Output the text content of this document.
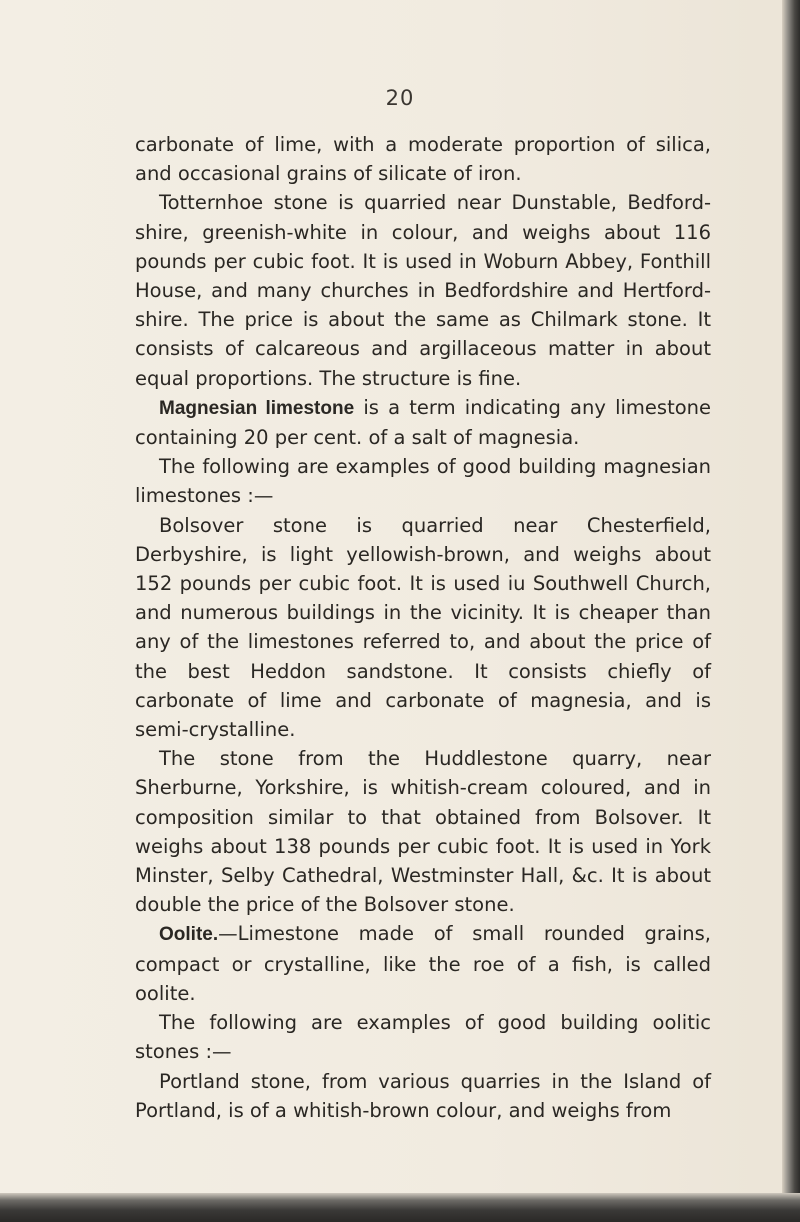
20

carbonate of lime, with a moderate proportion of silica, and occasional grains of silicate of iron.

Totternhoe stone is quarried near Dunstable, Bedford-shire, greenish-white in colour, and weighs about 116 pounds per cubic foot. It is used in Woburn Abbey, Fonthill House, and many churches in Bedfordshire and Hertford-shire. The price is about the same as Chilmark stone. It consists of calcareous and argillaceous matter in about equal proportions. The structure is fine.

Magnesian limestone is a term indicating any limestone containing 20 per cent. of a salt of magnesia.

The following are examples of good building magnesian limestones :—

Bolsover stone is quarried near Chesterfield, Derbyshire, is light yellowish-brown, and weighs about 152 pounds per cubic foot. It is used iu Southwell Church, and numerous buildings in the vicinity. It is cheaper than any of the limestones referred to, and about the price of the best Heddon sandstone. It consists chiefly of carbonate of lime and carbonate of magnesia, and is semi-crystalline.

The stone from the Huddlestone quarry, near Sherburne, Yorkshire, is whitish-cream coloured, and in composition similar to that obtained from Bolsover. It weighs about 138 pounds per cubic foot. It is used in York Minster, Selby Cathedral, Westminster Hall, &c. It is about double the price of the Bolsover stone.

Oolite.—Limestone made of small rounded grains, compact or crystalline, like the roe of a fish, is called oolite.

The following are examples of good building oolitic stones :—

Portland stone, from various quarries in the Island of Portland, is of a whitish-brown colour, and weighs from
